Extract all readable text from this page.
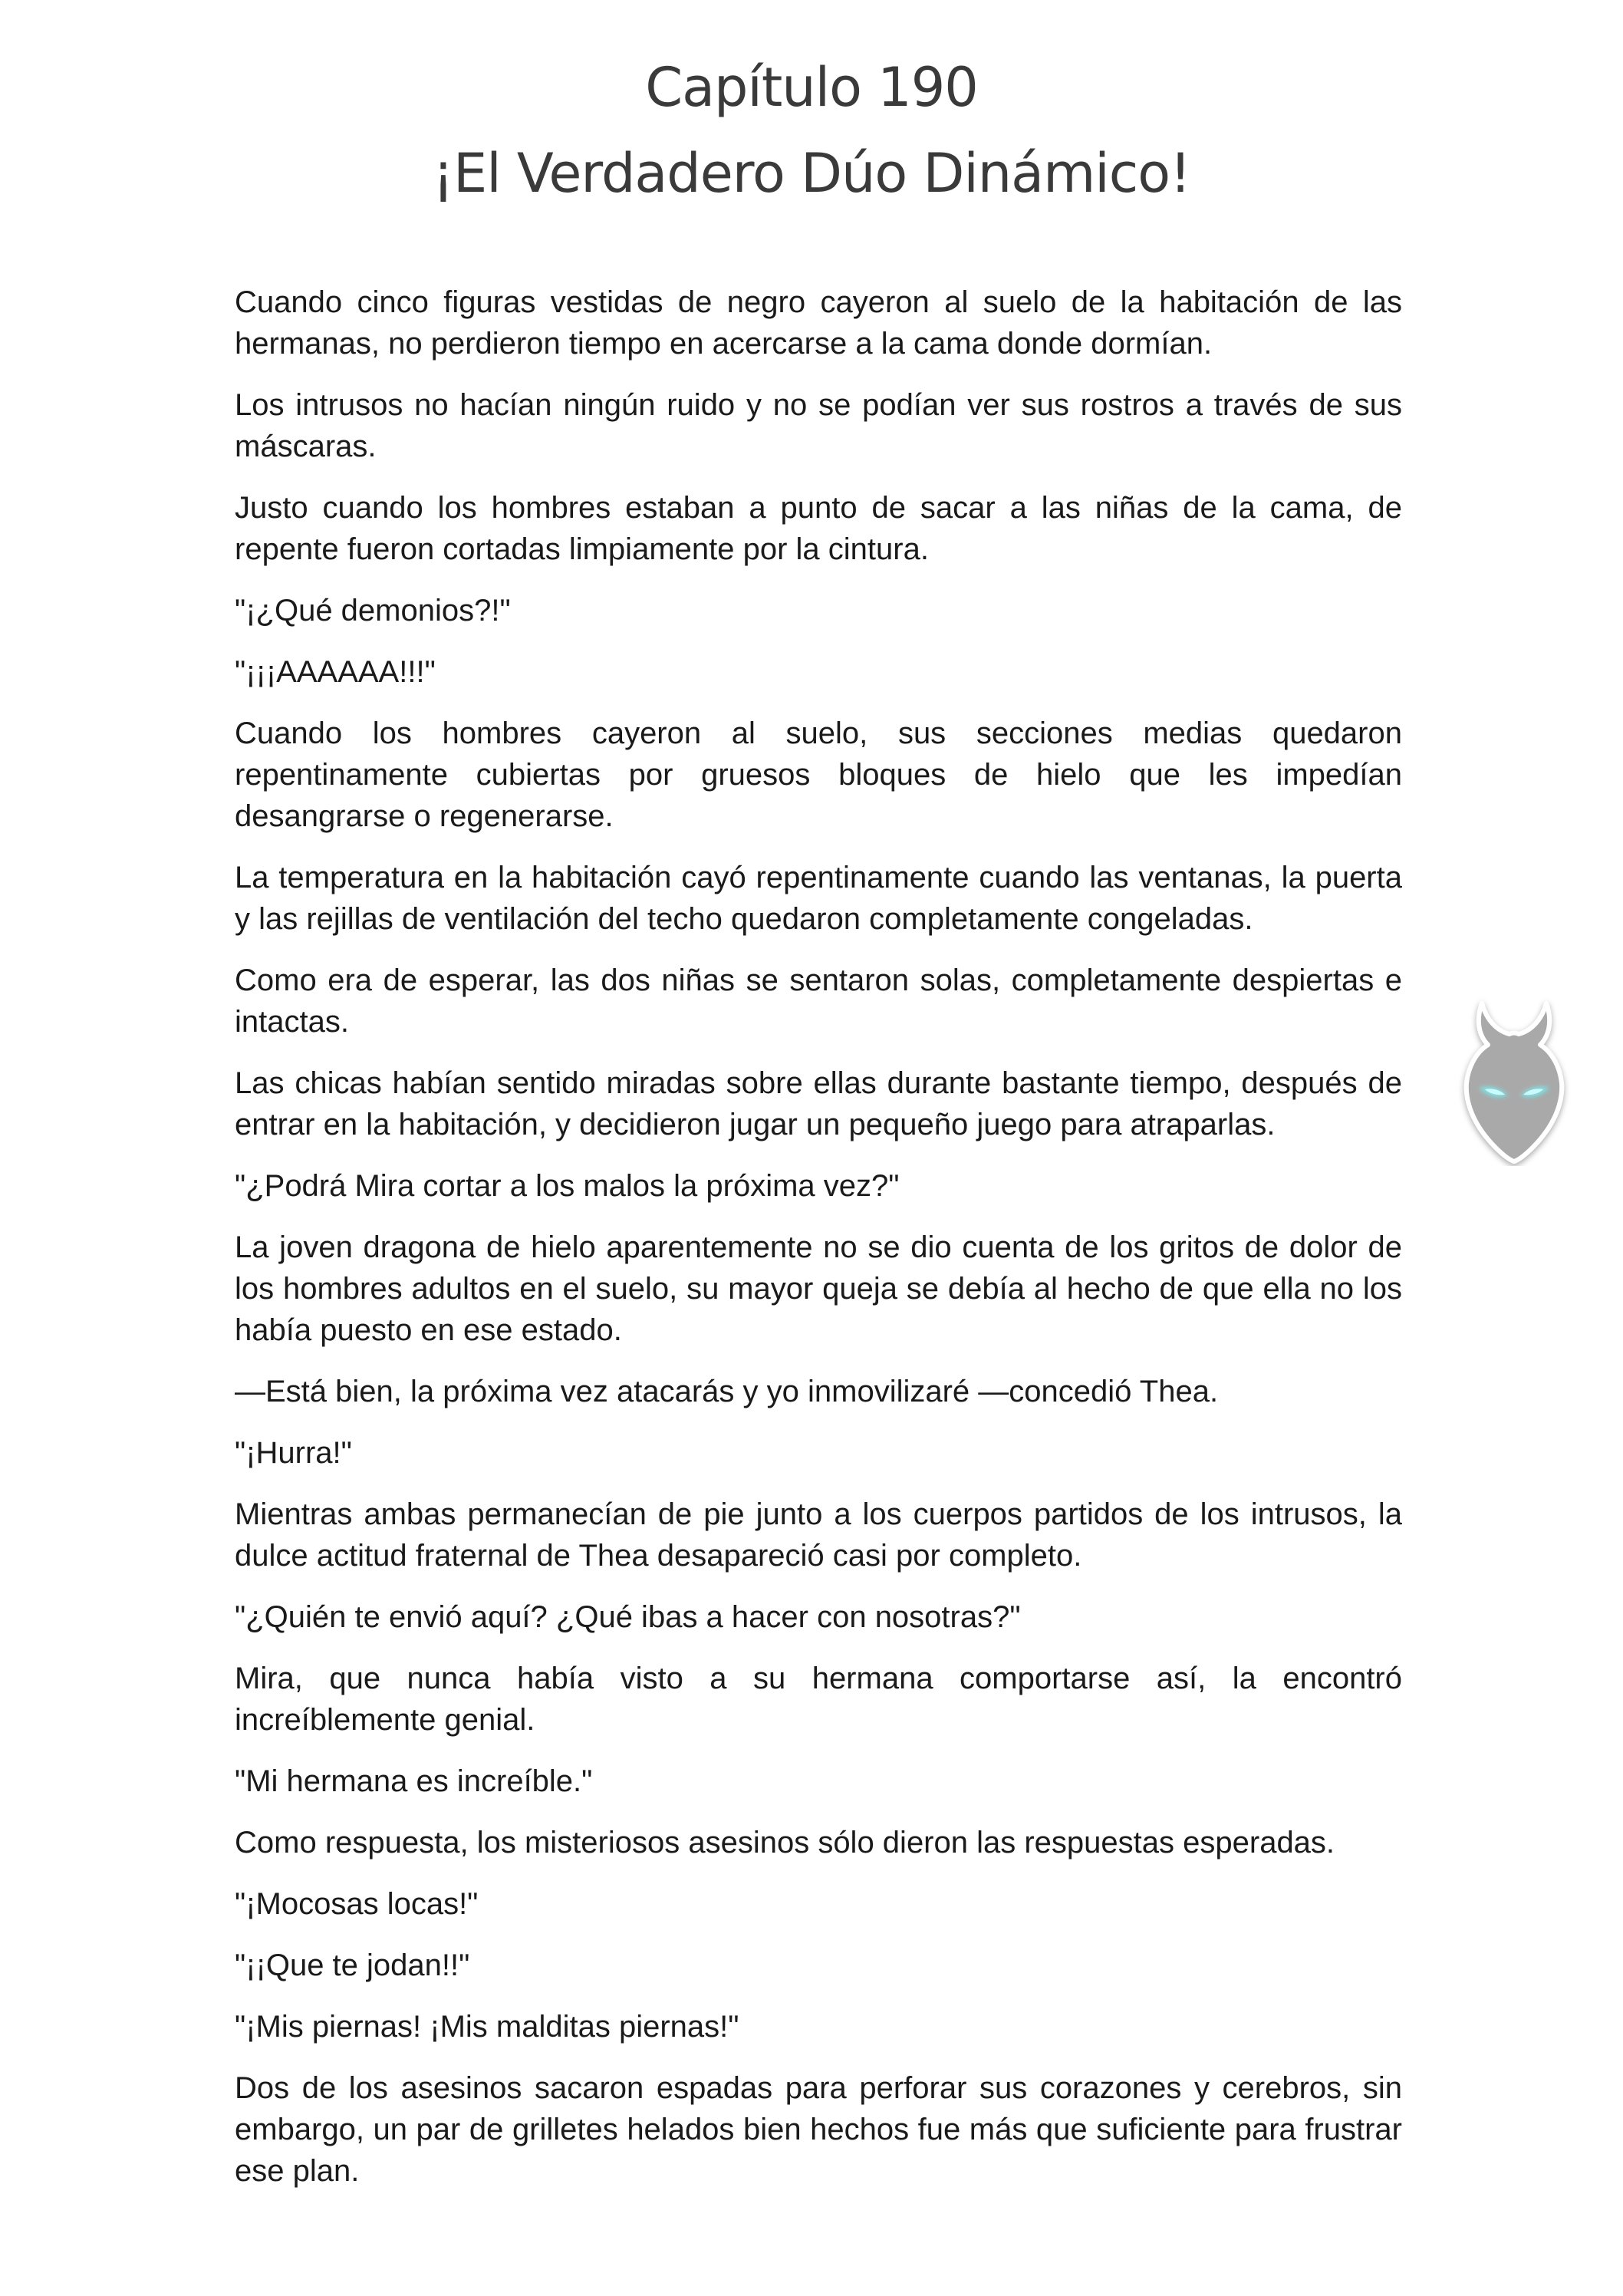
Capítulo 190
¡El Verdadero Dúo Dinámico!

Cuando cinco figuras vestidas de negro cayeron al suelo de la habitación de las hermanas, no perdieron tiempo en acercarse a la cama donde dormían.

Los intrusos no hacían ningún ruido y no se podían ver sus rostros a través de sus máscaras.

Justo cuando los hombres estaban a punto de sacar a las niñas de la cama, de repente fueron cortadas limpiamente por la cintura.

"¡¿Qué demonios?!"

"¡¡¡AAAAAA!!!"

Cuando los hombres cayeron al suelo, sus secciones medias quedaron repentinamente cubiertas por gruesos bloques de hielo que les impedían desangrarse o regenerarse.

La temperatura en la habitación cayó repentinamente cuando las ventanas, la puerta y las rejillas de ventilación del techo quedaron completamente congeladas.

Como era de esperar, las dos niñas se sentaron solas, completamente despiertas e intactas.

Las chicas habían sentido miradas sobre ellas durante bastante tiempo, después de entrar en la habitación, y decidieron jugar un pequeño juego para atraparlas.

"¿Podrá Mira cortar a los malos la próxima vez?"

La joven dragona de hielo aparentemente no se dio cuenta de los gritos de dolor de los hombres adultos en el suelo, su mayor queja se debía al hecho de que ella no los había puesto en ese estado.

—Está bien, la próxima vez atacarás y yo inmovilizaré —concedió Thea.

"¡Hurra!"

Mientras ambas permanecían de pie junto a los cuerpos partidos de los intrusos, la dulce actitud fraternal de Thea desapareció casi por completo.

"¿Quién te envió aquí? ¿Qué ibas a hacer con nosotras?"

Mira, que nunca había visto a su hermana comportarse así, la encontró increíblemente genial.

"Mi hermana es increíble."

Como respuesta, los misteriosos asesinos sólo dieron las respuestas esperadas.

"¡Mocosas locas!"

"¡¡Que te jodan!!"

"¡Mis piernas! ¡Mis malditas piernas!"

Dos de los asesinos sacaron espadas para perforar sus corazones y cerebros, sin embargo, un par de grilletes helados bien hechos fue más que suficiente para frustrar ese plan.
